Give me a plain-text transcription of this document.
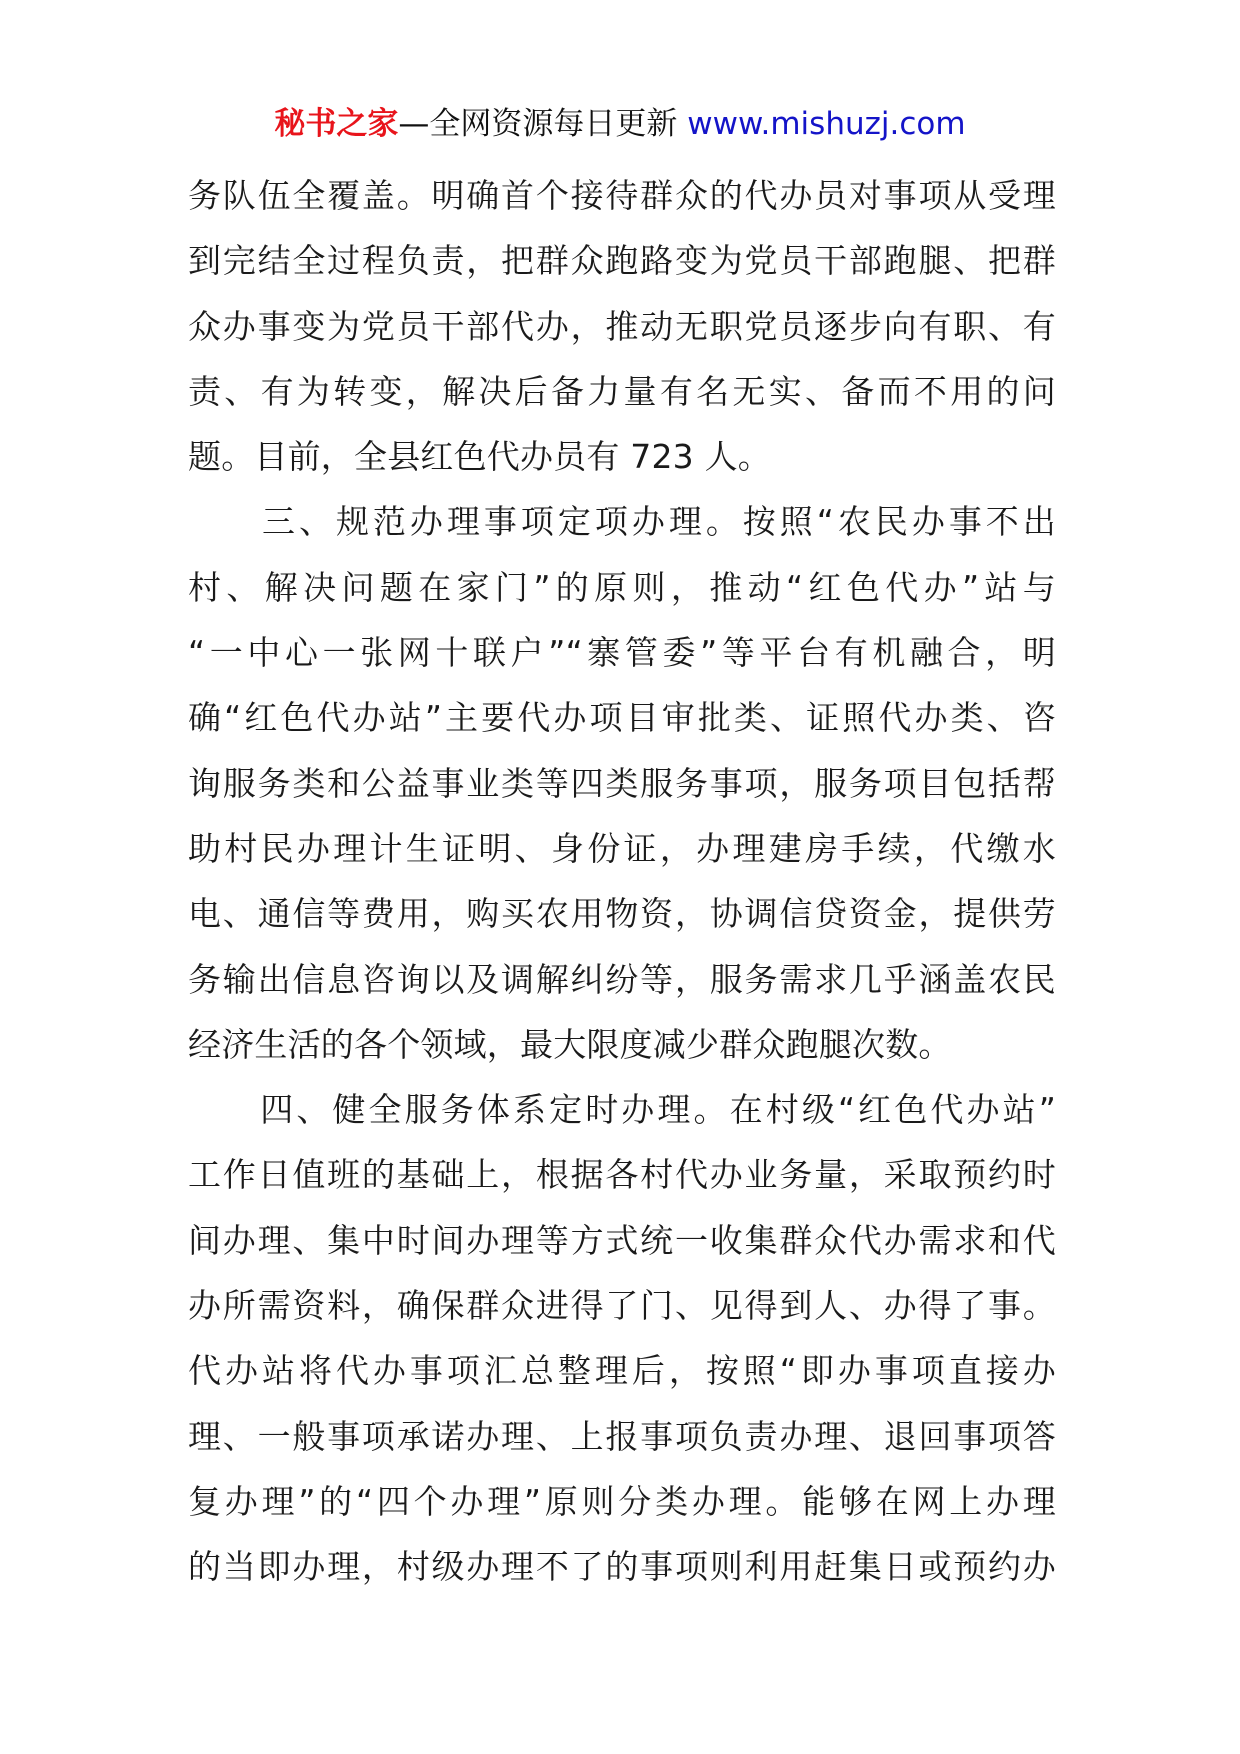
秘书之家—全网资源每日更新 www.mishuzj.com
务队伍全覆盖。明确首个接待群众的代办员对事项从受理
到完结全过程负责，把群众跑路变为党员干部跑腿、把群
众办事变为党员干部代办，推动无职党员逐步向有职、有
责、有为转变，解决后备力量有名无实、备而不用的问
题。目前，全县红色代办员有 723 人。
　　三、规范办理事项定项办理。按照“农民办事不出
村、解决问题在家门”的原则，推动“红色代办”站与
“一中心一张网十联户”“寨管委”等平台有机融合，明
确“红色代办站”主要代办项目审批类、证照代办类、咨
询服务类和公益事业类等四类服务事项，服务项目包括帮
助村民办理计生证明、身份证，办理建房手续，代缴水
电、通信等费用，购买农用物资，协调信贷资金，提供劳
务输出信息咨询以及调解纠纷等，服务需求几乎涵盖农民
经济生活的各个领域，最大限度减少群众跑腿次数。
　　四、健全服务体系定时办理。在村级“红色代办站”
工作日值班的基础上，根据各村代办业务量，采取预约时
间办理、集中时间办理等方式统一收集群众代办需求和代
办所需资料，确保群众进得了门、见得到人、办得了事。
代办站将代办事项汇总整理后，按照“即办事项直接办
理、一般事项承诺办理、上报事项负责办理、退回事项答
复办理”的“四个办理”原则分类办理。能够在网上办理
的当即办理，村级办理不了的事项则利用赶集日或预约办
